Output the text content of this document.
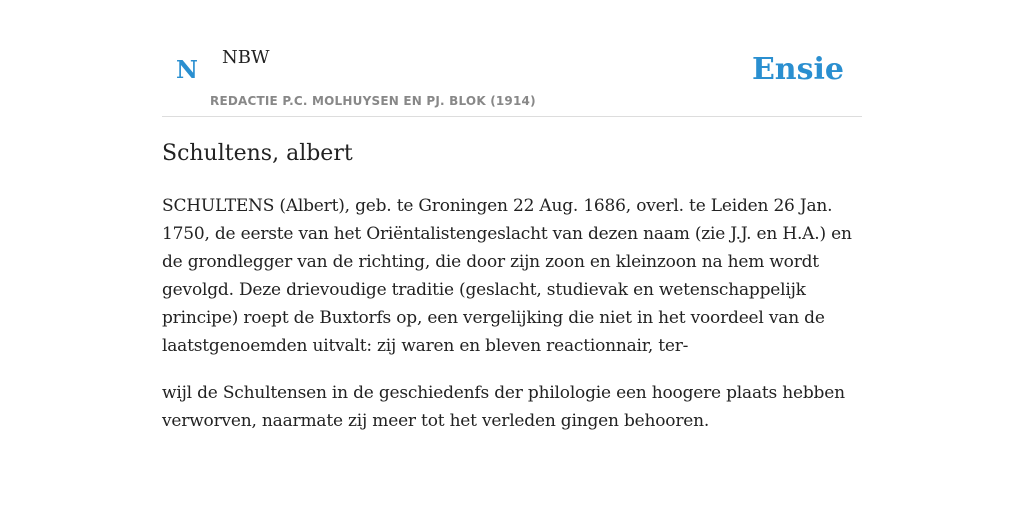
N NBW
REDACTIE P.C. MOLHUYSEN EN PJ. BLOK (1914)
Ensie
Schultens, albert

SCHULTENS (Albert), geb. te Groningen 22 Aug. 1686, overl. te Leiden 26 Jan. 1750, de eerste van het Oriëntalistengeslacht van dezen naam (zie J.J. en H.A.) en de grondlegger van de richting, die door zijn zoon en kleinzoon na hem wordt gevolgd. Deze drievoudige traditie (geslacht, studievak en wetenschappelijk principe) roept de Buxtorfs op, een vergelijking die niet in het voordeel van de laatstgenoemden uitvalt: zij waren en bleven reactionnair, ter-

wijl de Schultensen in de geschiedenfs der philologie een hoogere plaats hebben verworven, naarmate zij meer tot het verleden gingen behooren.
